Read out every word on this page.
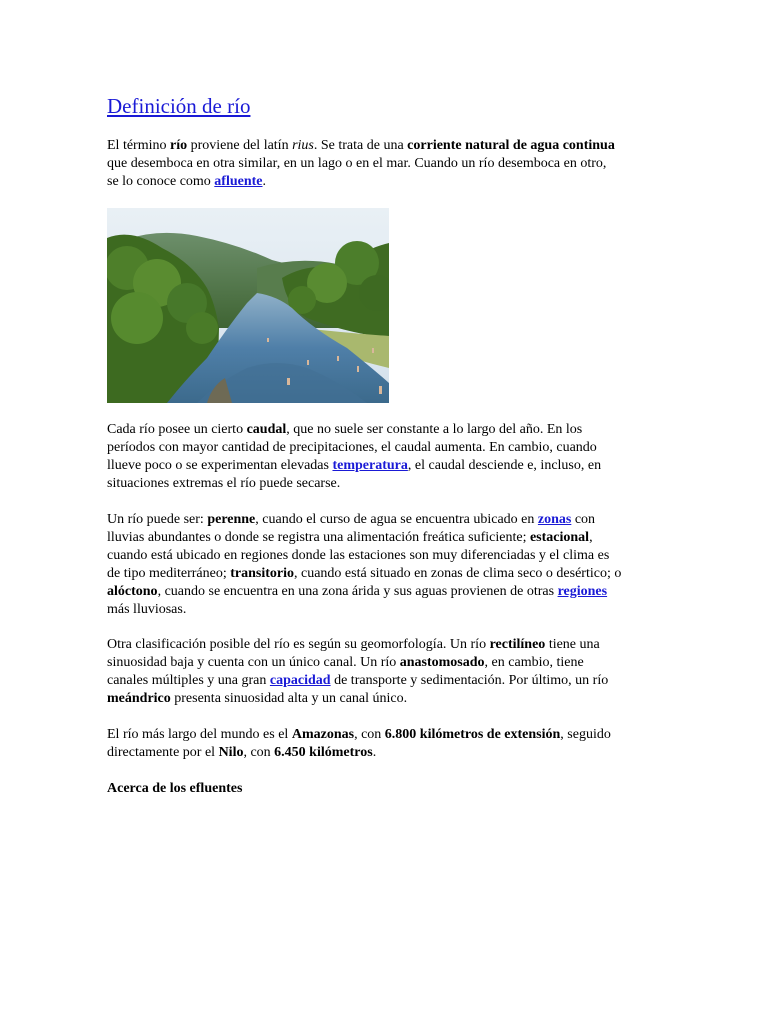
Definición de río

El término río proviene del latín rius. Se trata de una corriente natural de agua continua
que desemboca en otra similar, en un lago o en el mar. Cuando un río desemboca en otro,
se lo conoce como afluente.

Cada río posee un cierto caudal, que no suele ser constante a lo largo del año. En los
períodos con mayor cantidad de precipitaciones, el caudal aumenta. En cambio, cuando
llueve poco o se experimentan elevadas temperatura, el caudal desciende e, incluso, en
situaciones extremas el río puede secarse.

Un río puede ser: perenne, cuando el curso de agua se encuentra ubicado en zonas con
lluvias abundantes o donde se registra una alimentación freática suficiente; estacional,
cuando está ubicado en regiones donde las estaciones son muy diferenciadas y el clima es
de tipo mediterráneo; transitorio, cuando está situado en zonas de clima seco o desértico; o
alóctono, cuando se encuentra en una zona árida y sus aguas provienen de otras regiones
más lluviosas.

Otra clasificación posible del río es según su geomorfología. Un río rectilíneo tiene una
sinuosidad baja y cuenta con un único canal. Un río anastomosado, en cambio, tiene
canales múltiples y una gran capacidad de transporte y sedimentación. Por último, un río
meándrico presenta sinuosidad alta y un canal único.

El río más largo del mundo es el Amazonas, con 6.800 kilómetros de extensión, seguido
directamente por el Nilo, con 6.450 kilómetros.

Acerca de los efluentes
